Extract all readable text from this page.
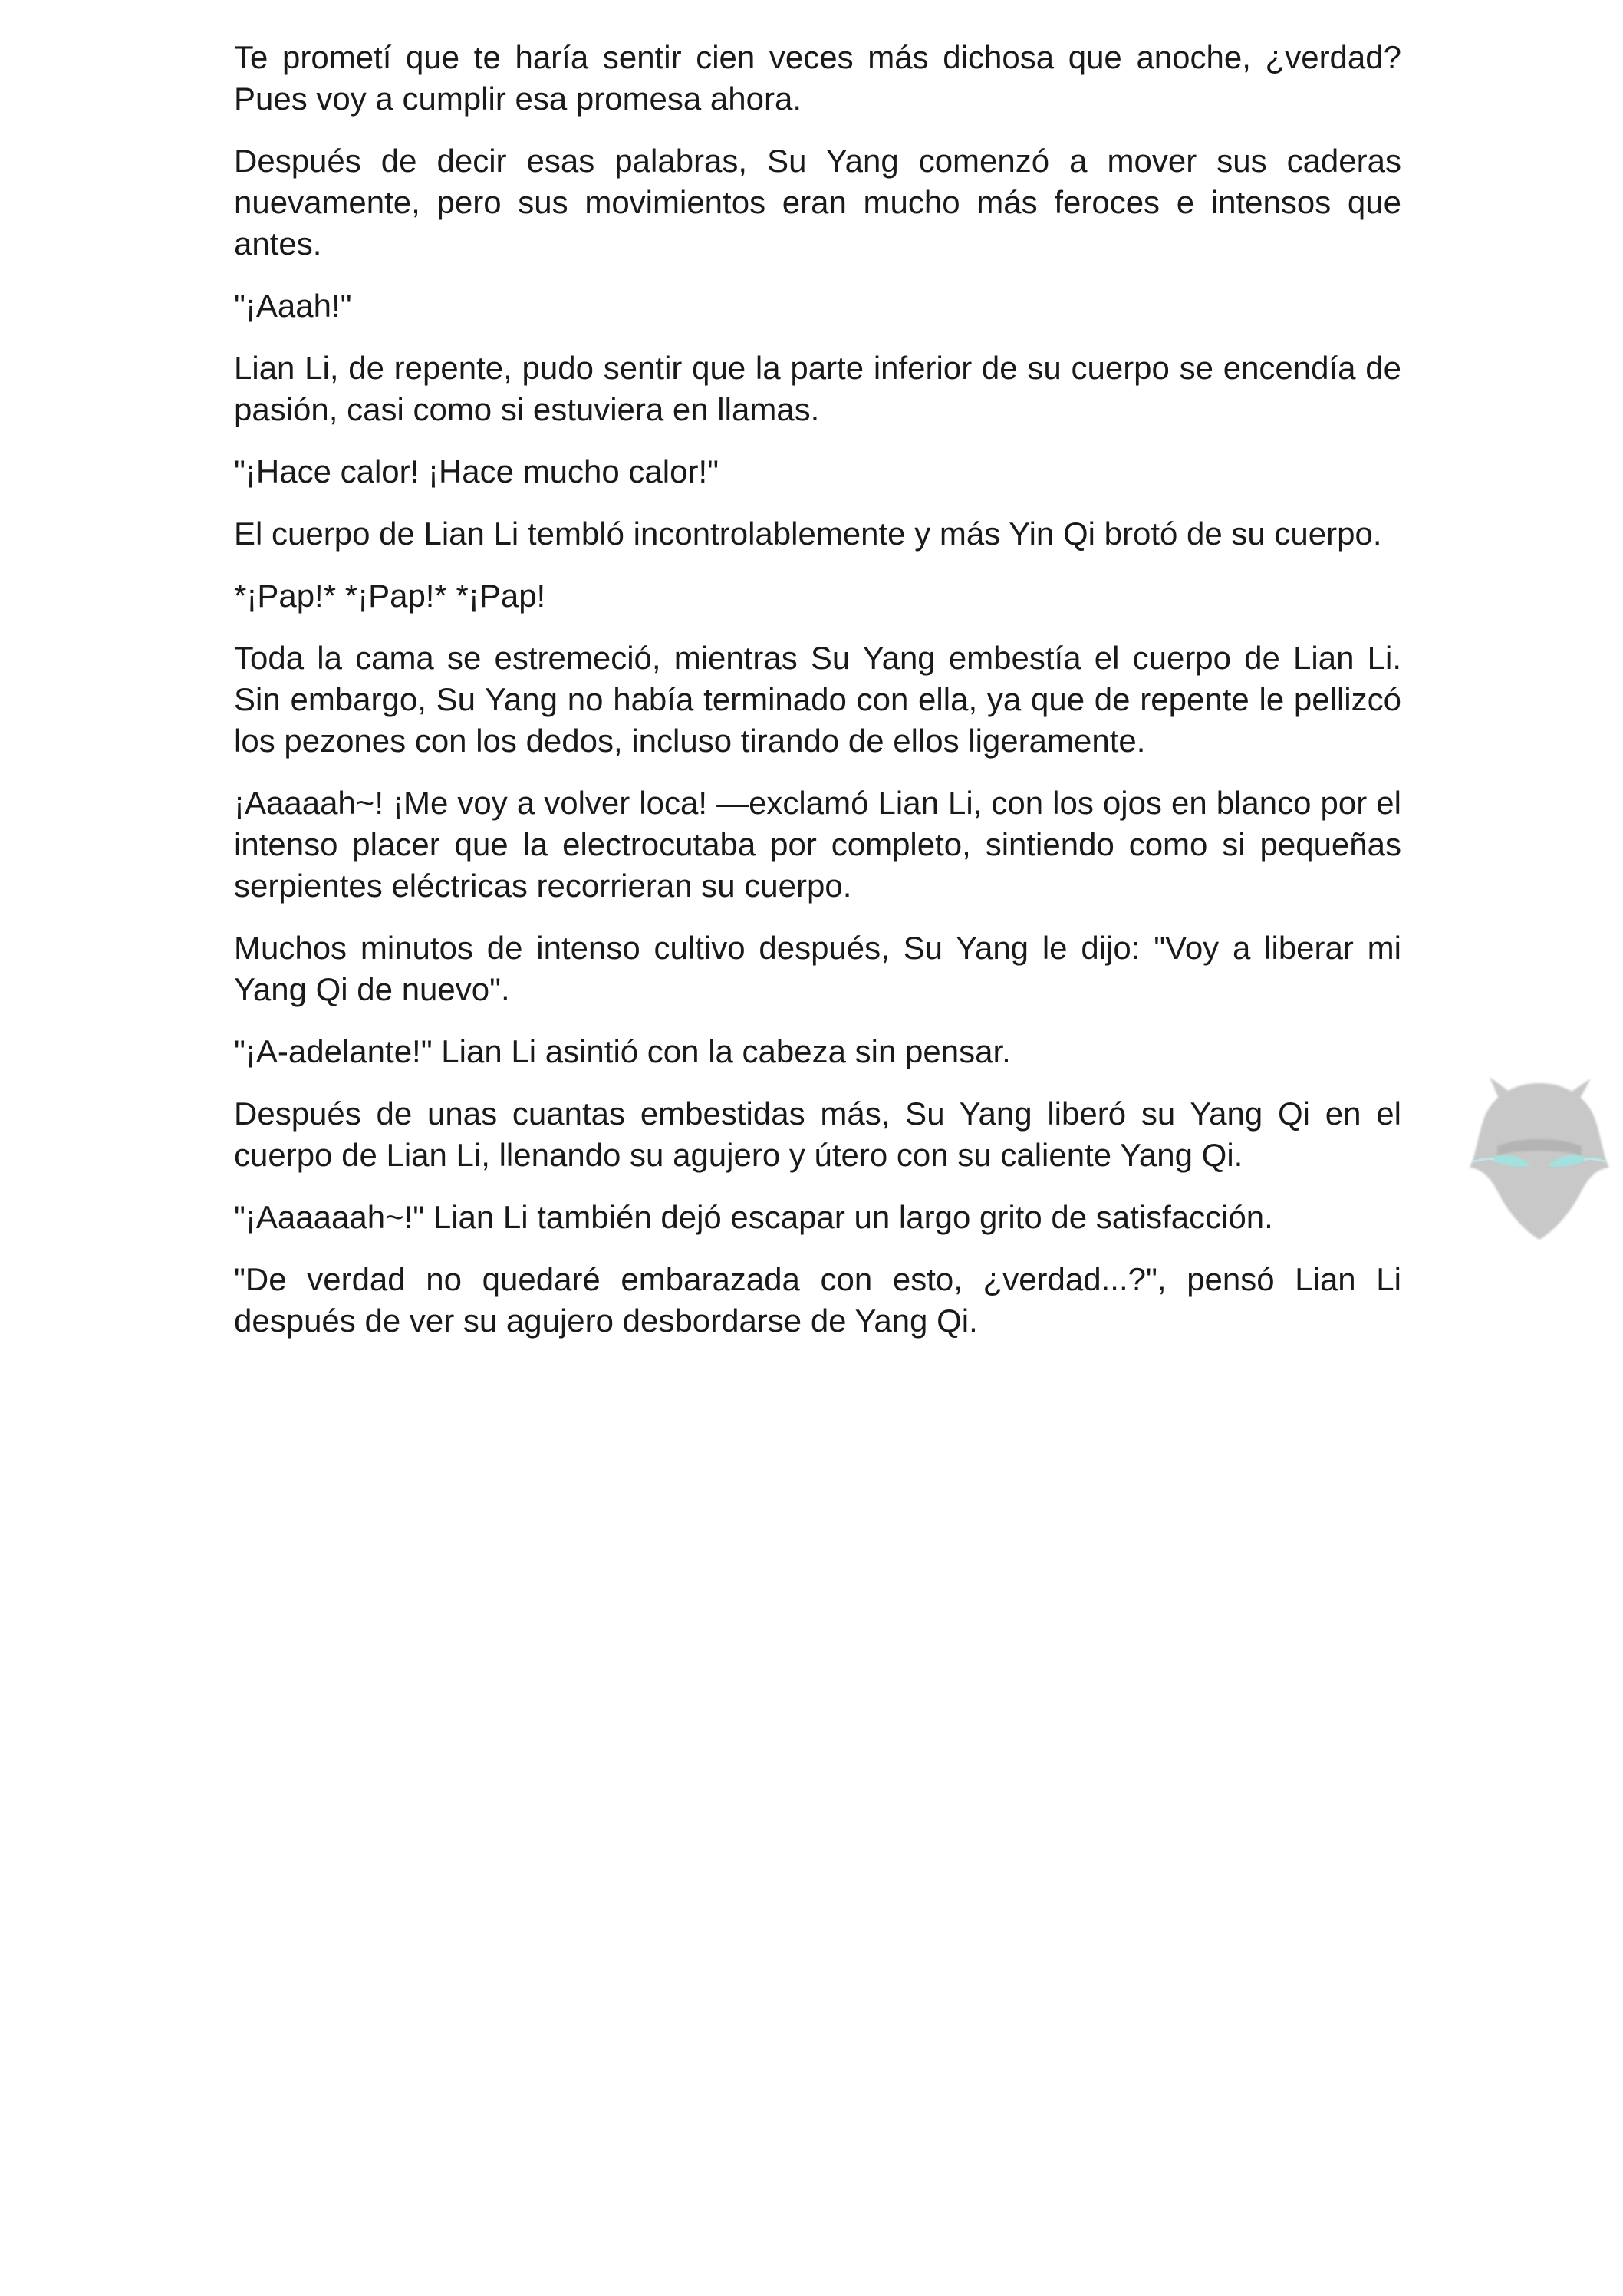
Te prometí que te haría sentir cien veces más dichosa que anoche, ¿verdad? Pues voy a cumplir esa promesa ahora.

Después de decir esas palabras, Su Yang comenzó a mover sus caderas nuevamente, pero sus movimientos eran mucho más feroces e intensos que antes.

"¡Aaah!"

Lian Li, de repente, pudo sentir que la parte inferior de su cuerpo se encendía de pasión, casi como si estuviera en llamas.

"¡Hace calor! ¡Hace mucho calor!"

El cuerpo de Lian Li tembló incontrolablemente y más Yin Qi brotó de su cuerpo.

*¡Pap!* *¡Pap!* *¡Pap!

Toda la cama se estremeció, mientras Su Yang embestía el cuerpo de Lian Li. Sin embargo, Su Yang no había terminado con ella, ya que de repente le pellizcó los pezones con los dedos, incluso tirando de ellos ligeramente.

¡Aaaaah~! ¡Me voy a volver loca! —exclamó Lian Li, con los ojos en blanco por el intenso placer que la electrocutaba por completo, sintiendo como si pequeñas serpientes eléctricas recorrieran su cuerpo.

Muchos minutos de intenso cultivo después, Su Yang le dijo: "Voy a liberar mi Yang Qi de nuevo".

"¡A-adelante!" Lian Li asintió con la cabeza sin pensar.

Después de unas cuantas embestidas más, Su Yang liberó su Yang Qi en el cuerpo de Lian Li, llenando su agujero y útero con su caliente Yang Qi.

"¡Aaaaaah~!" Lian Li también dejó escapar un largo grito de satisfacción.

"De verdad no quedaré embarazada con esto, ¿verdad...?", pensó Lian Li después de ver su agujero desbordarse de Yang Qi.
